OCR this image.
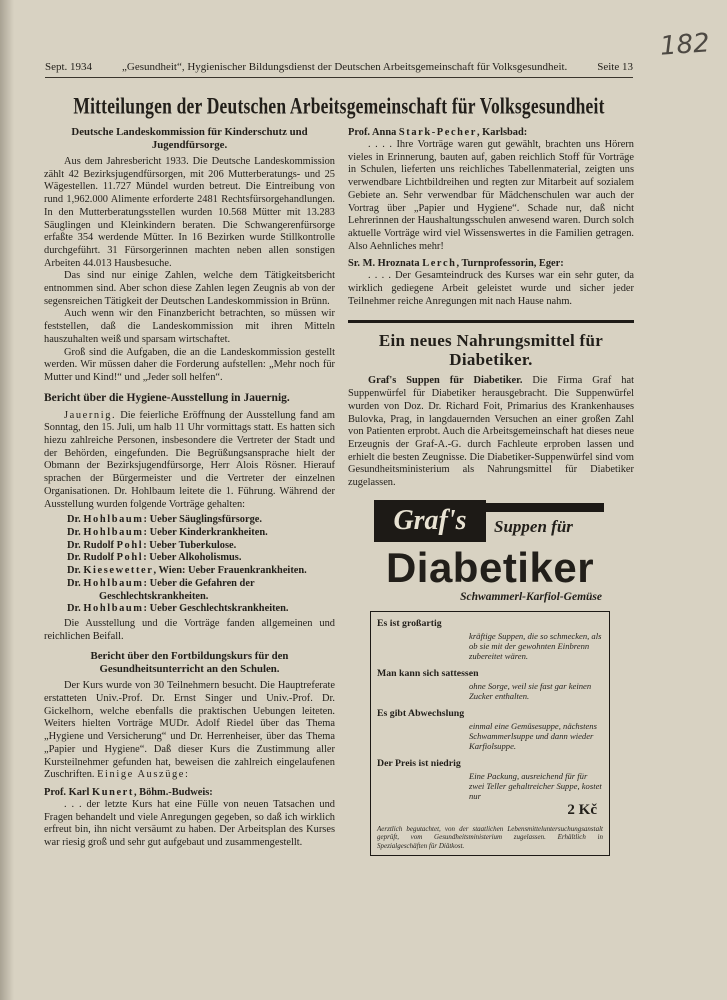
182
Sept. 1934	„Gesundheit“, Hygienischer Bildungsdienst der Deutschen Arbeitsgemeinschaft für Volksgesundheit.	Seite 13
Mitteilungen der Deutschen Arbeitsgemeinschaft für Volksgesundheit
Deutsche Landeskommission für Kinderschutz und Jugendfürsorge.

Aus dem Jahresbericht 1933. Die Deutsche Landeskommission zählt 42 Bezirksjugendfürsorgen, mit 206 Mutterberatungs- und 25 Wägestellen. 11.727 Mündel wurden betreut. Die Eintreibung von rund 1,962.000 Alimente erforderte 2481 Rechtsfürsorgehandlungen. In den Mutterberatungsstellen wurden 10.568 Mütter mit 13.283 Säuglingen und Kleinkindern beraten. Die Schwangerenfürsorge erfaßte 354 werdende Mütter. In 16 Bezirken wurde Stillkontrolle durchgeführt. 31 Fürsorgerinnen machten neben allen sonstigen Arbeiten 44.013 Hausbesuche.

Das sind nur einige Zahlen, welche dem Tätigkeitsbericht entnommen sind. Aber schon diese Zahlen legen Zeugnis ab von der segensreichen Tätigkeit der Deutschen Landeskommission in Brünn.

Auch wenn wir den Finanzbericht betrachten, so müssen wir feststellen, daß die Landeskommission mit ihren Mitteln hauszuhalten weiß und sparsam wirtschaftet.

Groß sind die Aufgaben, die an die Landeskommission gestellt werden. Wir müssen daher die Forderung aufstellen: „Mehr noch für Mutter und Kind!“ und „Jeder soll helfen“.

Bericht über die Hygiene-Ausstellung in Jauernig.

Jauernig. Die feierliche Eröffnung der Ausstellung fand am Sonntag, den 15. Juli, um halb 11 Uhr vormittags statt. Es hatten sich hiezu zahlreiche Personen, insbesondere die Vertreter der Stadt und der Behörden, eingefunden. Die Begrüßungsansprache hielt der Obmann der Bezirksjugendfürsorge, Herr Alois Rösner. Hierauf sprachen der Bürgermeister und die Vertreter der einzelnen Organisationen. Dr. Hohlbaum leitete die 1. Führung. Während der Ausstellung wurden folgende Vorträge gehalten:

Dr. Hohlbaum: Ueber Säuglingsfürsorge.
Dr. Hohlbaum: Ueber Kinderkrankheiten.
Dr. Rudolf Pohl: Ueber Tuberkulose.
Dr. Rudolf Pohl: Ueber Alkoholismus.
Dr. Kiesewetter, Wien: Ueber Frauenkrankheiten.
Dr. Hohlbaum: Ueber die Gefahren der Geschlechtskrankheiten.
Dr. Hohlbaum: Ueber Geschlechtskrankheiten.

Die Ausstellung und die Vorträge fanden allgemeinen und reichlichen Beifall.

Bericht über den Fortbildungskurs für den Gesundheitsunterricht an den Schulen.

Der Kurs wurde von 30 Teilnehmern besucht. Die Hauptreferate erstatteten Univ.-Prof. Dr. Ernst Singer und Univ.-Prof. Dr. Gickelhorn, welche ebenfalls die praktischen Uebungen leiteten. Weiters hielten Vorträge MUDr. Adolf Riedel über das Thema „Hygiene und Versicherung“ und Dr. Herrenheiser, über das Thema „Papier und Hygiene“. Daß dieser Kurs die Zustimmung aller Kursteilnehmer gefunden hat, beweisen die zahlreich eingelaufenen Zuschriften. Einige Auszüge:

Prof. Karl Kunert, Böhm.-Budweis:

. . . der letzte Kurs hat eine Fülle von neuen Tatsachen und Fragen behandelt und viele Anregungen gegeben, so daß ich wirklich erfreut bin, ihn nicht versäumt zu haben. Der Arbeitsplan des Kurses war riesig groß und sehr gut aufgebaut und zusammengestellt.

Prof. Anna Stark-Pecher, Karlsbad:

. . . . Ihre Vorträge waren gut gewählt, brachten uns Hörern vieles in Erinnerung, bauten auf, gaben reichlich Stoff für Vorträge in Schulen, lieferten uns reichliches Tabellenmaterial, zeigten uns verwendbare Lichtbildreihen und regten zur Mitarbeit auf sozialem Gebiete an. Sehr verwendbar für Mädchenschulen war auch der Vortrag über „Papier und Hygiene“. Schade nur, daß nicht Lehrerinnen der Haushaltungsschulen anwesend waren. Durch solch aktuelle Vorträge wird viel Wissenswertes in die Familien getragen. Also Aehnliches mehr!

Sr. M. Hroznata Lerch, Turnprofessorin, Eger:

. . . . Der Gesamteindruck des Kurses war ein sehr guter, da wirklich gediegene Arbeit geleistet wurde und sicher jeder Teilnehmer reiche Anregungen mit nach Hause nahm.

Ein neues Nahrungsmittel für Diabetiker.

Graf's Suppen für Diabetiker. Die Firma Graf hat Suppenwürfel für Diabetiker herausgebracht. Die Suppenwürfel wurden von Doz. Dr. Richard Foit, Primarius des Krankenhauses Bulovka, Prag, in langdauernden Versuchen an einer großen Zahl von Patienten erprobt. Auch die Arbeitsgemeinschaft hat dieses neue Erzeugnis der Graf-A.-G. durch Fachleute erproben lassen und erhielt die besten Zeugnisse. Die Diabetiker-Suppenwürfel sind vom Gesundheitsministerium als Nahrungsmittel für Diabetiker zugelassen.

Graf's	Suppen für
Diabetiker
Schwammerl-Karfiol-Gemüse
Es ist großartig
kräftige Suppen, die so schmecken, als ob sie mit der gewohnten Einbrenn zubereitet wären.
Man kann sich sattessen
ohne Sorge, weil sie fast gar keinen Zucker enthalten.
Es gibt Abwechslung
einmal eine Gemüsesuppe, nächstens Schwammerlsuppe und dann wieder Karfiolsuppe.
Der Preis ist niedrig
Eine Packung, ausreichend für für zwei Teller gehaltreicher Suppe, kostet nur
2 Kč
Aerztlich begutachtet, von der staatlichen Lebensmitteluntersuchungsanstalt geprüft, vom Gesundheitsministerium zugelassen. Erhältlich in Spezialgeschäften für Diätkost.
